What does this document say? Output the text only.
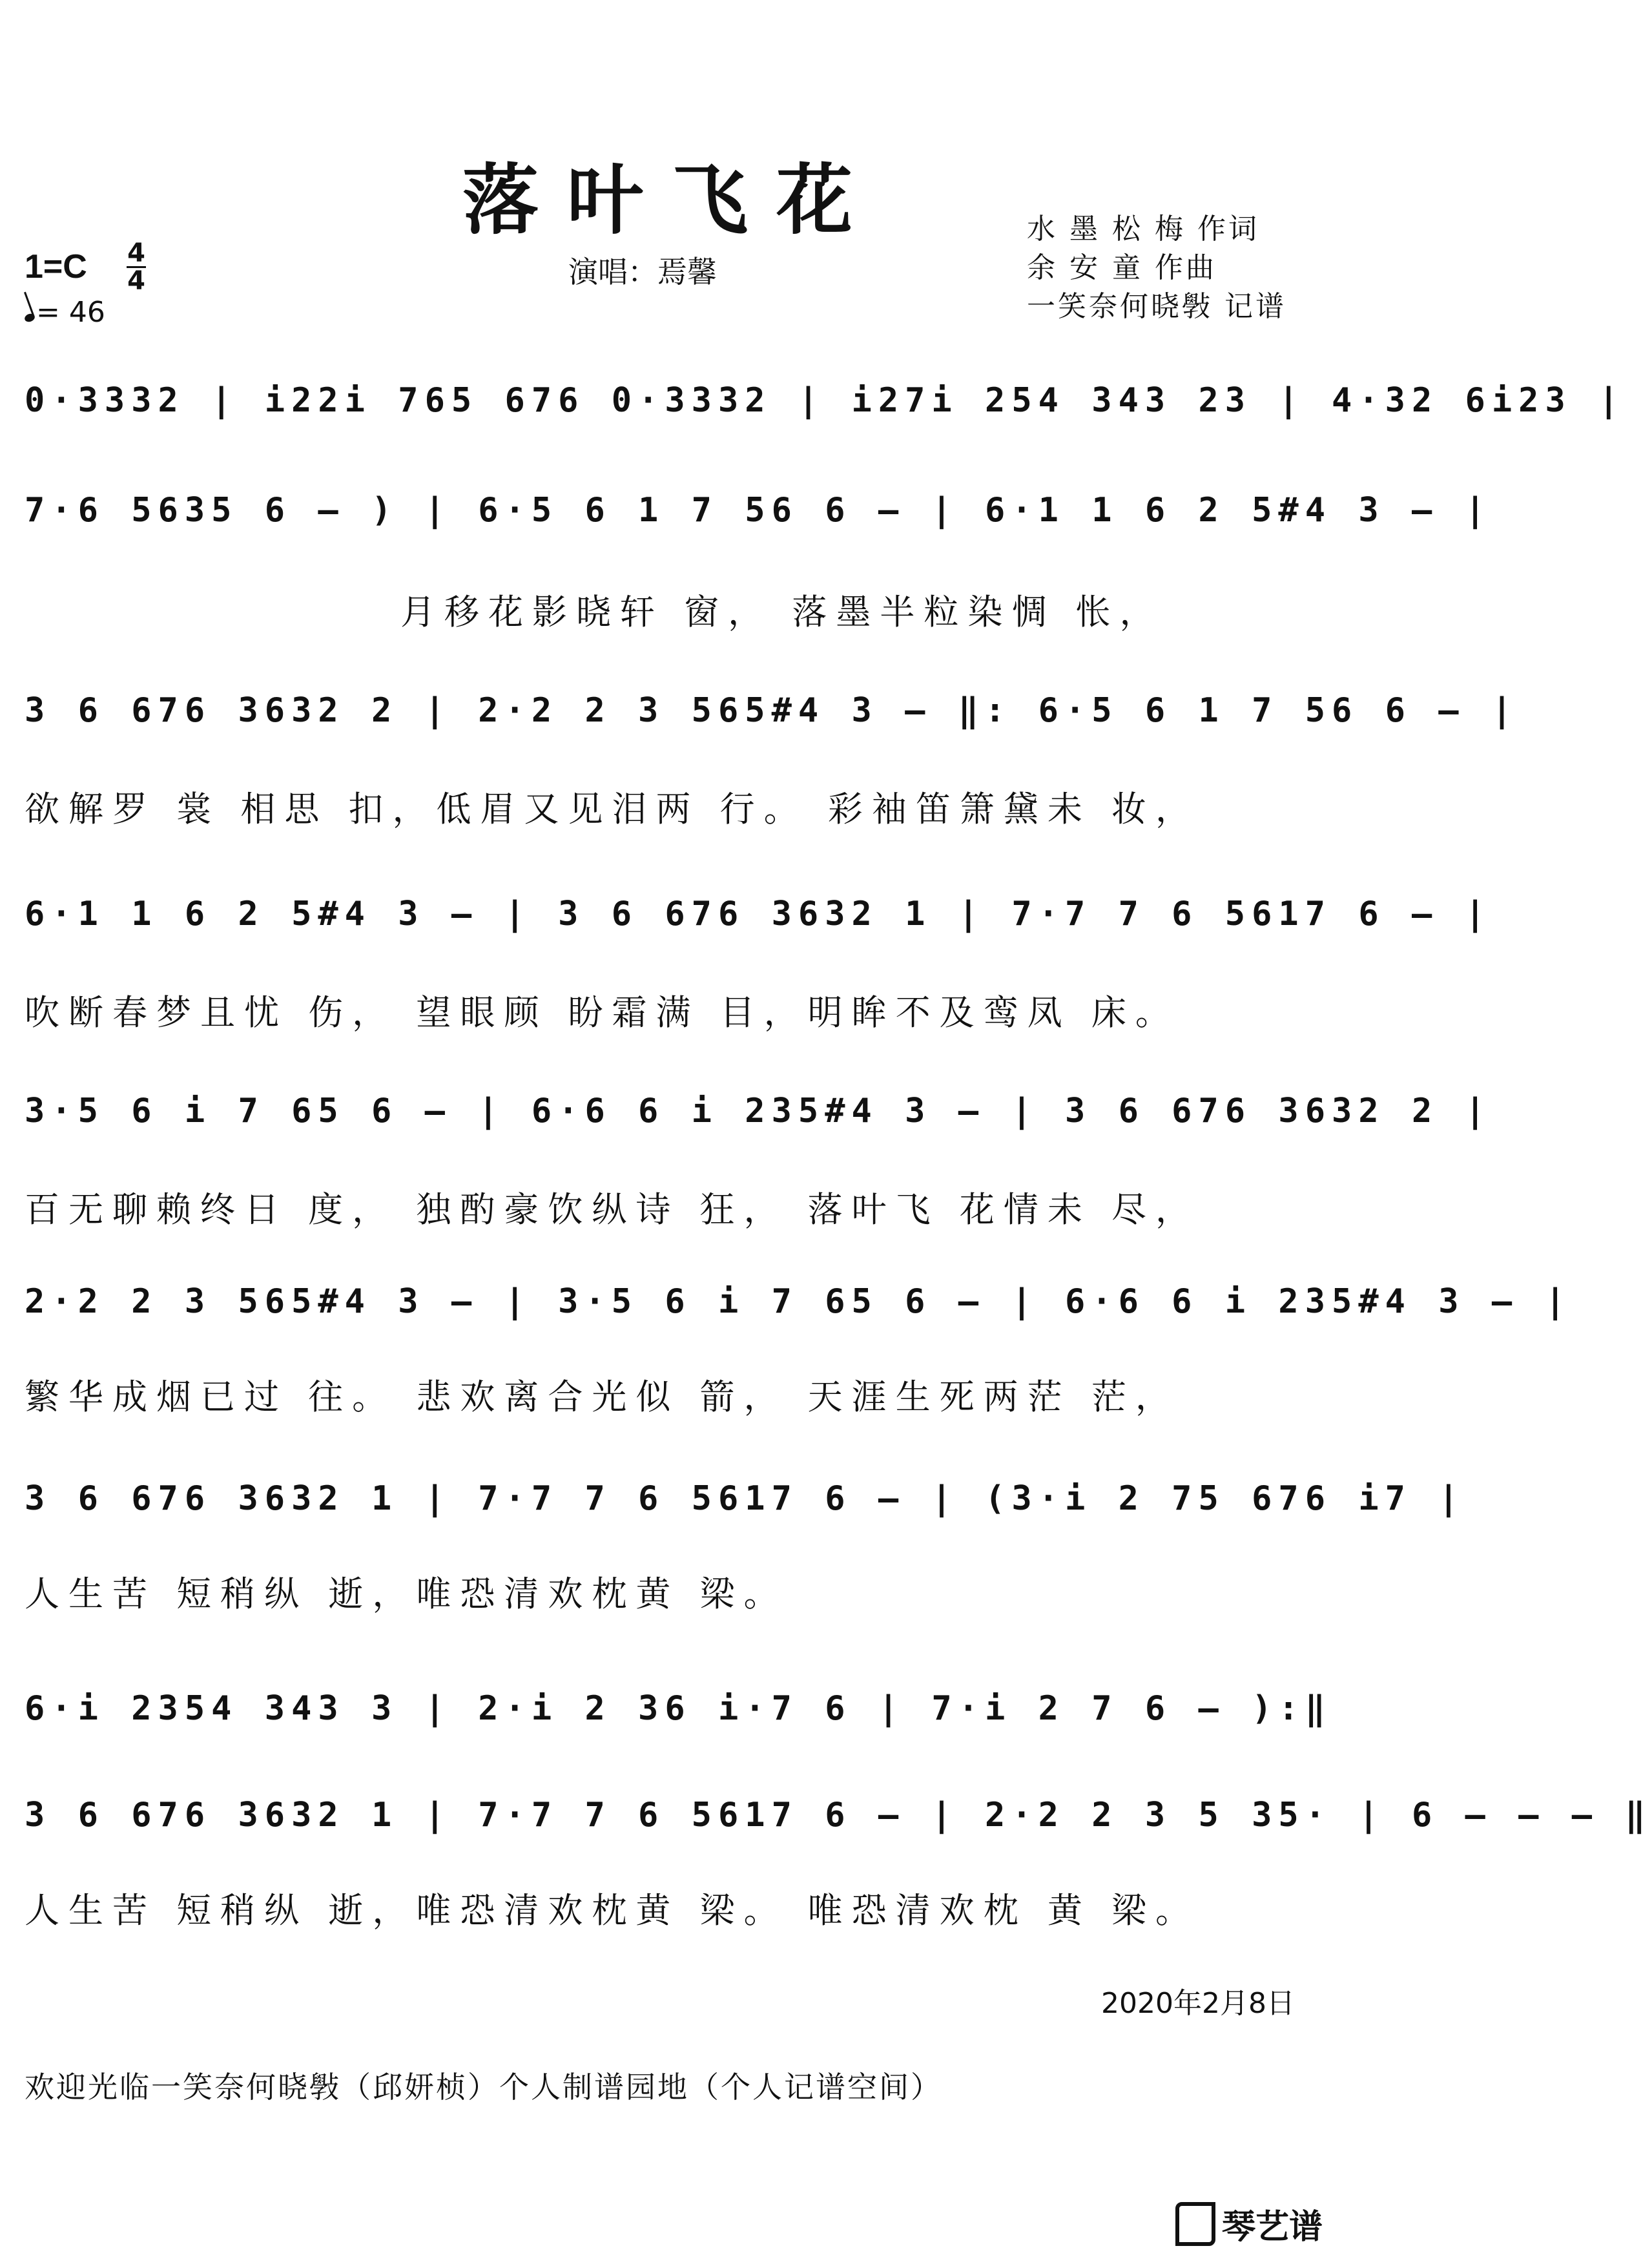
落叶飞花
演唱：焉馨
水 墨 松 梅 作词
余 安 童 作曲
一笑奈何晓斅 记谱
1=C 4
4
= 46
0·3332 | i22i 765 676 0·3332 | i27i 254 343 23 | 4·32 6i23 |
7·6 5635 6 – ) | 6·5 6 1 7 56 6 – | 6·1 1 6 2 5#4 3 – |
月移花影晓轩 窗， 落墨半粒染惆 怅，
3 6 676 3632 2 | 2·2 2 3 565#4 3 – ‖: 6·5 6 1 7 56 6 – |
欲解罗 裳 相思 扣，低眉又见泪两 行。 彩袖笛箫黛未 妆，
6·1 1 6 2 5#4 3 – | 3 6 676 3632 1 | 7·7 7 6 5617 6 – |
吹断春梦且忧 伤， 望眼顾 盼霜满 目，明眸不及鸾凤 床。
3·5 6 i 7 65 6 – | 6·6 6 i 235#4 3 – | 3 6 676 3632 2 |
百无聊赖终日 度， 独酌豪饮纵诗 狂， 落叶飞 花情未 尽，
2·2 2 3 565#4 3 – | 3·5 6 i 7 65 6 – | 6·6 6 i 235#4 3 – |
繁华成烟已过 往。 悲欢离合光似 箭， 天涯生死两茫 茫，
3 6 676 3632 1 | 7·7 7 6 5617 6 – | (3·i 2 75 676 i7 |
人生苦 短稍纵 逝，唯恐清欢枕黄 梁。
6·i 2354 343 3 | 2·i 2 36 i·7 6 | 7·i 2 7 6 – ):‖
3 6 676 3632 1 | 7·7 7 6 5617 6 – | 2·2 2 3 5 35· | 6 – – – ‖
人生苦 短稍纵 逝，唯恐清欢枕黄 梁。 唯恐清欢枕 黄 梁。
2020年2月8日
欢迎光临一笑奈何晓斅（邱妍桢）个人制谱园地（个人记谱空间）
琴艺谱
